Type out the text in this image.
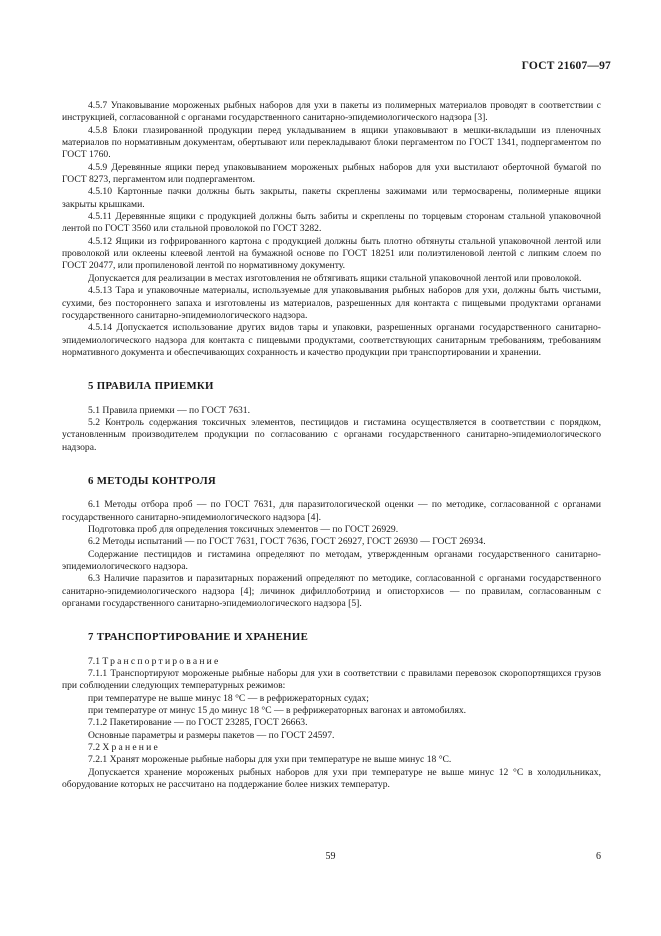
ГОСТ 21607—97

4.5.7 Упаковывание мороженых рыбных наборов для ухи в пакеты из полимерных материалов проводят в соответствии с инструкцией, согласованной с органами государственного санитарно-эпидемиологического надзора [3].

4.5.8 Блоки глазированной продукции перед укладыванием в ящики упаковывают в мешки-вкладыши из пленочных материалов по нормативным документам, обертывают или перекладывают блоки пергаментом по ГОСТ 1341, подпергаментом по ГОСТ 1760.

4.5.9 Деревянные ящики перед упаковыванием мороженых рыбных наборов для ухи выстилают оберточной бумагой по ГОСТ 8273, пергаментом или подпергаментом.

4.5.10 Картонные пачки должны быть закрыты, пакеты скреплены зажимами или термосварены, полимерные ящики закрыты крышками.

4.5.11 Деревянные ящики с продукцией должны быть забиты и скреплены по торцевым сторонам стальной упаковочной лентой по ГОСТ 3560 или стальной проволокой по ГОСТ 3282.

4.5.12 Ящики из гофрированного картона с продукцией должны быть плотно обтянуты стальной упаковочной лентой или проволокой или оклеены клеевой лентой на бумажной основе по ГОСТ 18251 или полиэтиленовой лентой с липким слоем по ГОСТ 20477, или пропиленовой лентой по нормативному документу.

Допускается для реализации в местах изготовления не обтягивать ящики стальной упаковочной лентой или проволокой.

4.5.13 Тара и упаковочные материалы, используемые для упаковывания рыбных наборов для ухи, должны быть чистыми, сухими, без постороннего запаха и изготовлены из материалов, разрешенных для контакта с пищевыми продуктами органами государственного санитарно-эпидемиологического надзора.

4.5.14 Допускается использование других видов тары и упаковки, разрешенных органами государственного санитарно-эпидемиологического надзора для контакта с пищевыми продуктами, соответствующих санитарным требованиям, требованиям нормативного документа и обеспечивающих сохранность и качество продукции при транспортировании и хранении.

5 ПРАВИЛА ПРИЕМКИ

5.1 Правила приемки — по ГОСТ 7631.

5.2 Контроль содержания токсичных элементов, пестицидов и гистамина осуществляется в соответствии с порядком, установленным производителем продукции по согласованию с органами государственного санитарно-эпидемиологического надзора.

6 МЕТОДЫ КОНТРОЛЯ

6.1 Методы отбора проб — по ГОСТ 7631, для паразитологической оценки — по методике, согласованной с органами государственного санитарно-эпидемиологического надзора [4].

Подготовка проб для определения токсичных элементов — по ГОСТ 26929.

6.2 Методы испытаний — по ГОСТ 7631, ГОСТ 7636, ГОСТ 26927, ГОСТ 26930 — ГОСТ 26934.

Содержание пестицидов и гистамина определяют по методам, утвержденным органами государственного санитарно-эпидемиологического надзора.

6.3 Наличие паразитов и паразитарных поражений определяют по методике, согласованной с органами государственного санитарно-эпидемиологического надзора [4]; личинок дифиллоботриид и описторхисов — по правилам, согласованным с органами государственного санитарно-эпидемиологического надзора [5].

7 ТРАНСПОРТИРОВАНИЕ И ХРАНЕНИЕ

7.1 Транспортирование

7.1.1 Транспортируют мороженые рыбные наборы для ухи в соответствии с правилами перевозок скоропортящихся грузов при соблюдении следующих температурных режимов:

при температуре не выше минус 18 °С — в рефрижераторных судах;

при температуре от минус 15 до минус 18 °С — в рефрижераторных вагонах и автомобилях.

7.1.2 Пакетирование — по ГОСТ 23285, ГОСТ 26663.

Основные параметры и размеры пакетов — по ГОСТ 24597.

7.2 Хранение

7.2.1 Хранят мороженые рыбные наборы для ухи при температуре не выше минус 18 °С.

Допускается хранение мороженых рыбных наборов для ухи при температуре не выше минус 12 °С в холодильниках, оборудование которых не рассчитано на поддержание более низких температур.

59	6
